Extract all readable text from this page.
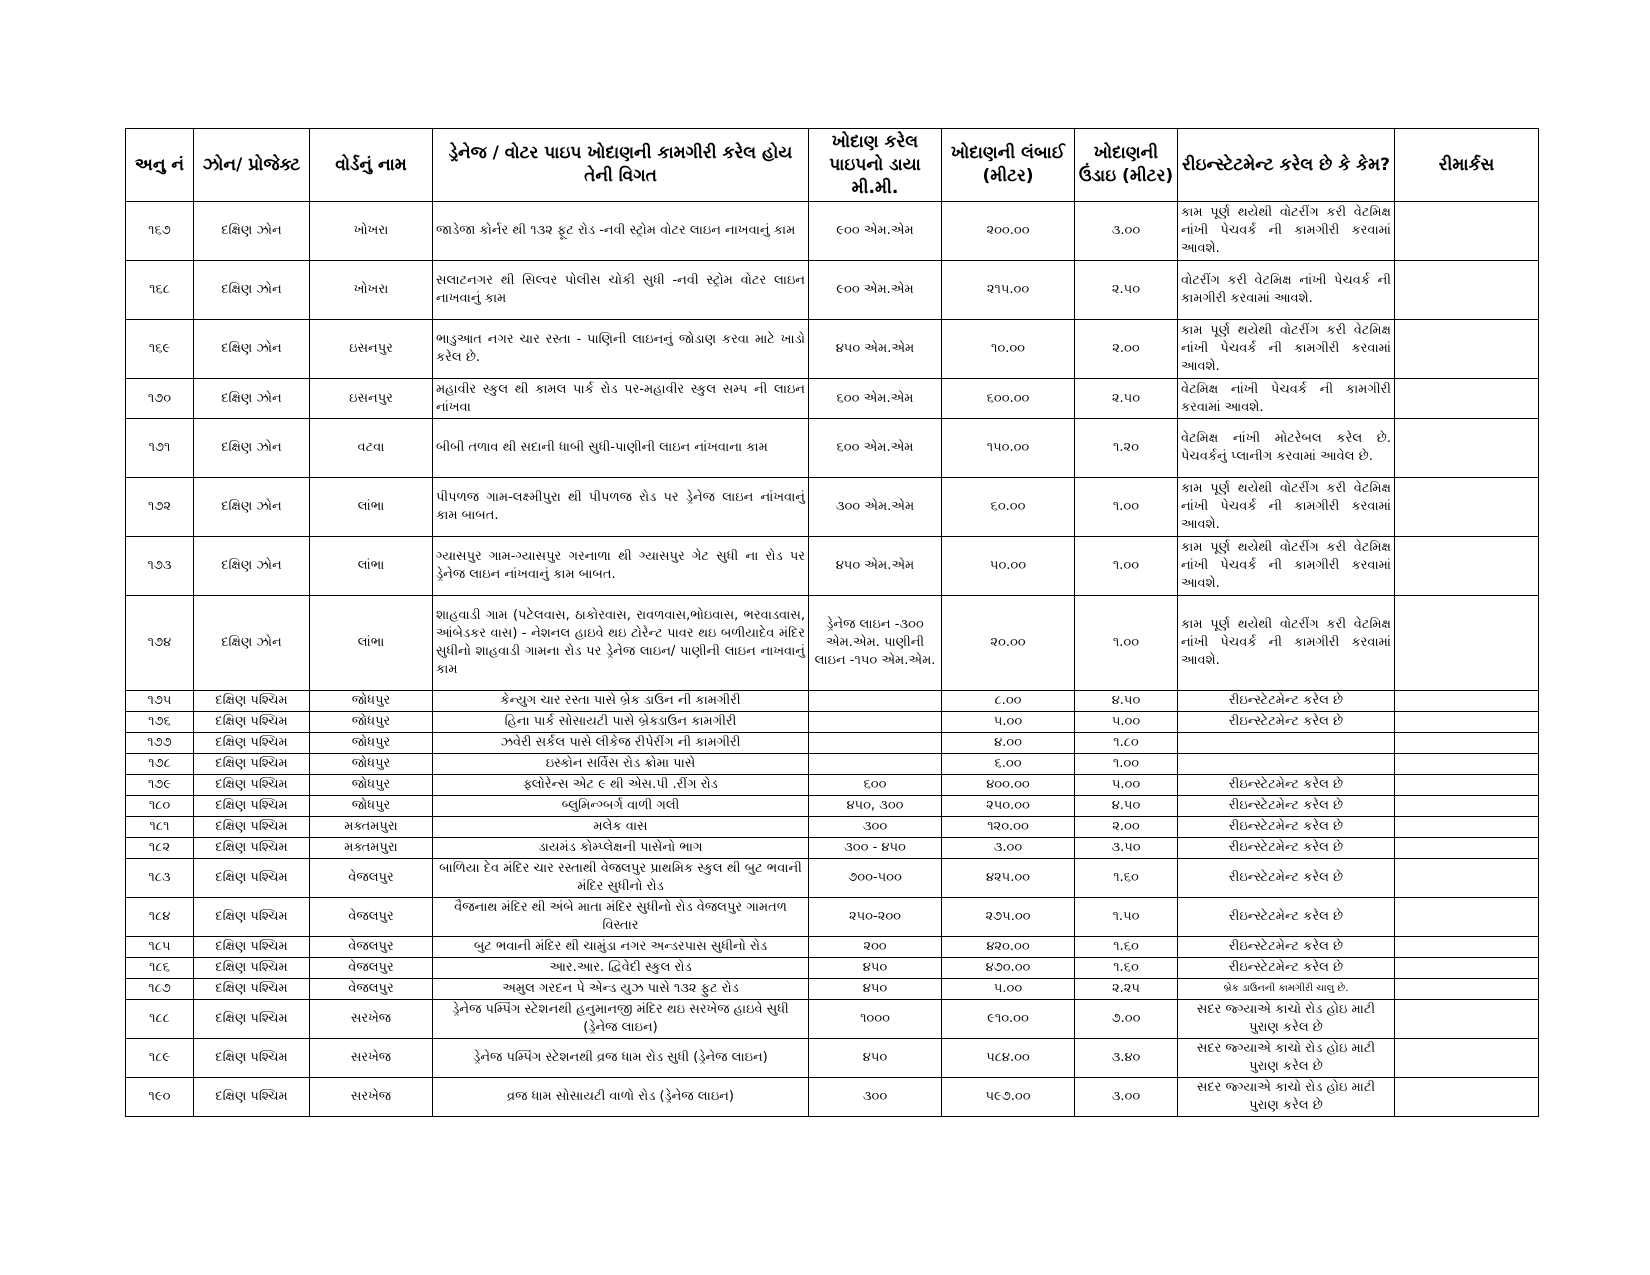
અનુ નં	ઝોન/ પ્રોજેક્ટ	વોર્ડનું નામ	ડ્રેનેજ / વોટર પાઇપ ખોદાણની કામગીરી કરેલ હોય તેની વિગત	ખોદાણ કરેલ પાઇપનો ડાયા મી.મી.	ખોદાણની લંબાઈ (મીટર)	ખોદાણની ઉંડાઇ (મીટર)	રીઇન્સ્ટેટમેન્ટ કરેલ છે કે કેમ?	રીમાર્કસ
૧૬૭	દક્ષિણ ઝોન	ખોખરા	જાડેજા કોર્નર થી ૧૩૨ ફૂટ રોડ -નવી સ્ટ્રોમ વોટર લાઇન નાખવાનું કામ	૯૦૦ એમ.એમ	૨૦૦.૦૦	૩.૦૦	કામ પૂર્ણ થયેથી વોટરીંગ કરી વેટમિક્ષ નાંખી પેચવર્ક ની કામગીરી કરવામાં આવશે.	
૧૬૮	દક્ષિણ ઝોન	ખોખરા	સલાટનગર થી સિલ્વર પોલીસ ચોકી સુધી -નવી સ્ટ્રોમ વોટર લાઇન નાખવાનું કામ	૯૦૦ એમ.એમ	૨૧૫.૦૦	૨.૫૦	વોટરીંગ કરી વેટમિક્ષ નાંખી પેચવર્ક ની કામગીરી કરવામાં આવશે.	
૧૬૯	દક્ષિણ ઝોન	ઇસનપુર	ભાડુઆત નગર ચાર રસ્તા - પાણિની લાઇનનું જોડાણ કરવા માટે ખાડો કરેલ છે.	૪૫૦ એમ.એમ	૧૦.૦૦	૨.૦૦	કામ પૂર્ણ થયેથી વોટરીંગ કરી વેટમિક્ષ નાંખી પેચવર્ક ની કામગીરી કરવામાં આવશે.	
૧૭૦	દક્ષિણ ઝોન	ઇસનપુર	મહાવીર સ્કુલ થી કામલ પાર્ક રોડ પર-મહાવીર સ્કુલ સમ્પ ની લાઇન નાંખવા	૬૦૦ એમ.એમ	૬૦૦.૦૦	૨.૫૦	વેટમિક્ષ નાંખી પેચવર્ક ની કામગીરી કરવામાં આવશે.	
૧૭૧	દક્ષિણ ઝોન	વટવા	બીબી તળાવ થી સદાની ધાબી સુધી-પાણીની લાઇન નાંખવાના કામ	૬૦૦ એમ.એમ	૧૫૦.૦૦	૧.૨૦	વેટમિક્ષ નાંખી મોટરેબલ કરેલ છે. પેચવર્કનું પ્લાનીગ કરવામાં આવેલ છે.	
૧૭૨	દક્ષિણ ઝોન	લાંભા	પીપળજ ગામ-લક્ષ્મીપુરા થી પીપળજ રોડ પર ડ્રેનેજ લાઇન નાંખવાનું કામ બાબત.	૩૦૦ એમ.એમ	૬૦.૦૦	૧.૦૦	કામ પૂર્ણ થયેથી વોટરીંગ કરી વેટમિક્ષ નાંખી પેચવર્ક ની કામગીરી કરવામાં આવશે.	
૧૭૩	દક્ષિણ ઝોન	લાંભા	ગ્યાસપુર ગામ-ગ્યાસપુર ગરનાળા થી ગ્યાસપુર ગેટ સુધી ના રોડ પર ડ્રેનેજ લાઇન નાંખવાનું કામ બાબત.	૪૫૦ એમ.એમ	૫૦.૦૦	૧.૦૦	કામ પૂર્ણ થયેથી વોટરીંગ કરી વેટમિક્ષ નાંખી પેચવર્ક ની કામગીરી કરવામાં આવશે.	
૧૭૪	દક્ષિણ ઝોન	લાંભા	શાહવાડી ગામ (પટેલવાસ, ઠાકોરવાસ, રાવળવાસ,ભોઇવાસ, ભરવાડવાસ, આંબેડકર વાસ) - નેશનલ હાઇવે થઇ ટોરેન્ટ પાવર થઇ બળીયાદેવ મંદિર સુધીનો શાહવાડી ગામના રોડ પર ડ્રેનેજ લાઇન/ પાણીની લાઇન નાખવાનું કામ	ડ્રેનેજ લાઇન -૩૦૦ એમ.એમ. પાણીની લાઇન -૧૫૦ એમ.એમ.	૨૦.૦૦	૧.૦૦	કામ પૂર્ણ થયેથી વોટરીંગ કરી વેટમિક્ષ નાંખી પેચવર્ક ની કામગીરી કરવામાં આવશે.	
૧૭૫	દક્ષિણ પશ્ચિમ	જોધપુર	કેન્યુગ ચાર રસ્તા પાસે બ્રેક ડાઉન ની કામગીરી		૮.૦૦	૪.૫૦	રીઇન્સ્ટેટમેન્ટ કરેલ છે	
૧૭૬	દક્ષિણ પશ્ચિમ	જોધપુર	હિના પાર્ક સોસાયટી પાસે બ્રેક્ડાઉન કામગીરી		૫.૦૦	૫.૦૦	રીઇન્સ્ટેટમેન્ટ કરેલ છે	
૧૭૭	દક્ષિણ પશ્ચિમ	જોધપુર	ઝવેરી સર્કલ પાસે લીકેજ રીપેરીંગ ની કામગીરી		૪.૦૦	૧.૮૦		
૧૭૮	દક્ષિણ પશ્ચિમ	જોધપુર	ઇસ્કોન સર્વિસ રોડ ક્રોમા પાસે		૬.૦૦	૧.૦૦		
૧૭૯	દક્ષિણ પશ્ચિમ	જોધપુર	ફ્લોરેન્સ એટ ૯ થી એસ.પી .રીંગ રોડ	૬૦૦	૪૦૦.૦૦	૫.૦૦	રીઇન્સ્ટેટમેન્ટ કરેલ છે	
૧૮૦	દક્ષિણ પશ્ચિમ	જોધપુર	બ્લુમિન્ગ્બર્ગ વાળી ગલી	૪૫૦, ૩૦૦	૨૫૦.૦૦	૪.૫૦	રીઇન્સ્ટેટમેન્ટ કરેલ છે	
૧૮૧	દક્ષિણ પશ્ચિમ	મક્તમપુરા	મલેક વાસ	૩૦૦	૧૨૦.૦૦	૨.૦૦	રીઇન્સ્ટેટમેન્ટ કરેલ છે	
૧૮૨	દક્ષિણ પશ્ચિમ	મક્તમપુરા	ડાયમંડ કોમ્પ્લેક્ષની પાસેનો ભાગ	૩૦૦ - ૪૫૦	૩.૦૦	૩.૫૦	રીઇન્સ્ટેટમેન્ટ કરેલ છે	
૧૮૩	દક્ષિણ પશ્ચિમ	વેજલપુર	બાળિયા દેવ મંદિર ચાર રસ્તાથી વેજલપુર પ્રાથમિક સ્કુલ થી બુટ ભવાની મંદિર સુધીનો રોડ	૭૦૦-૫૦૦	૪૨૫.૦૦	૧.૬૦	રીઇન્સ્ટેટમેન્ટ કરેલ છે	
૧૮૪	દક્ષિણ પશ્ચિમ	વેજલપુર	વૈજનાથ મંદિર થી અંબે માતા મંદિર સુધીનો રોડ વેજલપુર ગામતળ વિસ્તાર	૨૫૦-૨૦૦	૨૭૫.૦૦	૧.૫૦	રીઇન્સ્ટેટમેન્ટ કરેલ છે	
૧૮૫	દક્ષિણ પશ્ચિમ	વેજલપુર	બુટ ભવાની મંદિર થી ચામુંડા નગર અન્ડરપાસ સુધીનો રોડ	૨૦૦	૪૨૦.૦૦	૧.૬૦	રીઇન્સ્ટેટમેન્ટ કરેલ છે	
૧૮૬	દક્ષિણ પશ્ચિમ	વેજલપુર	આર.આર. દ્વિવેદી સ્કુલ રોડ	૪૫૦	૪૭૦.૦૦	૧.૬૦	રીઇન્સ્ટેટમેન્ટ કરેલ છે	
૧૮૭	દક્ષિણ પશ્ચિમ	વેજલપુર	અમુલ ગરદન પે એન્ડ યુઝ પાસે ૧૩૨ ફુટ રોડ	૪૫૦	૫.૦૦	૨.૨૫	બ્રેક ડાઉનની કામગીરી ચાલુ છે.	
૧૮૮	દક્ષિણ પશ્ચિમ	સરખેજ	ડ્રેનેજ પમ્પિંગ સ્ટેશનથી હનુમાનજી મંદિર થઇ સરખેજ હાઇવે સુધી (ડ્રેનેજ લાઇન)	૧૦૦૦	૯૧૦.૦૦	૭.૦૦	સદર જ્ગ્યાએ કાચો રોડ હોઇ માટી પુરાણ કરેલ છે	
૧૮૯	દક્ષિણ પશ્ચિમ	સરખેજ	ડ્રેનેજ પમ્પિંગ સ્ટેશનથી વ્રજ ધામ રોડ સુધી (ડ્રેનેજ લાઇન)	૪૫૦	૫૮૪.૦૦	૩.૪૦	સદર જ્ગ્યાએ કાચો રોડ હોઇ માટી પુરાણ કરેલ છે	
૧૯૦	દક્ષિણ પશ્ચિમ	સરખેજ	વ્રજ ધામ સોસાયટી વાળો રોડ (ડ્રેનેજ લાઇન)	૩૦૦	૫૯૭.૦૦	૩.૦૦	સદર જ્ગ્યાએ કાચો રોડ હોઇ માટી પુરાણ કરેલ છે	
